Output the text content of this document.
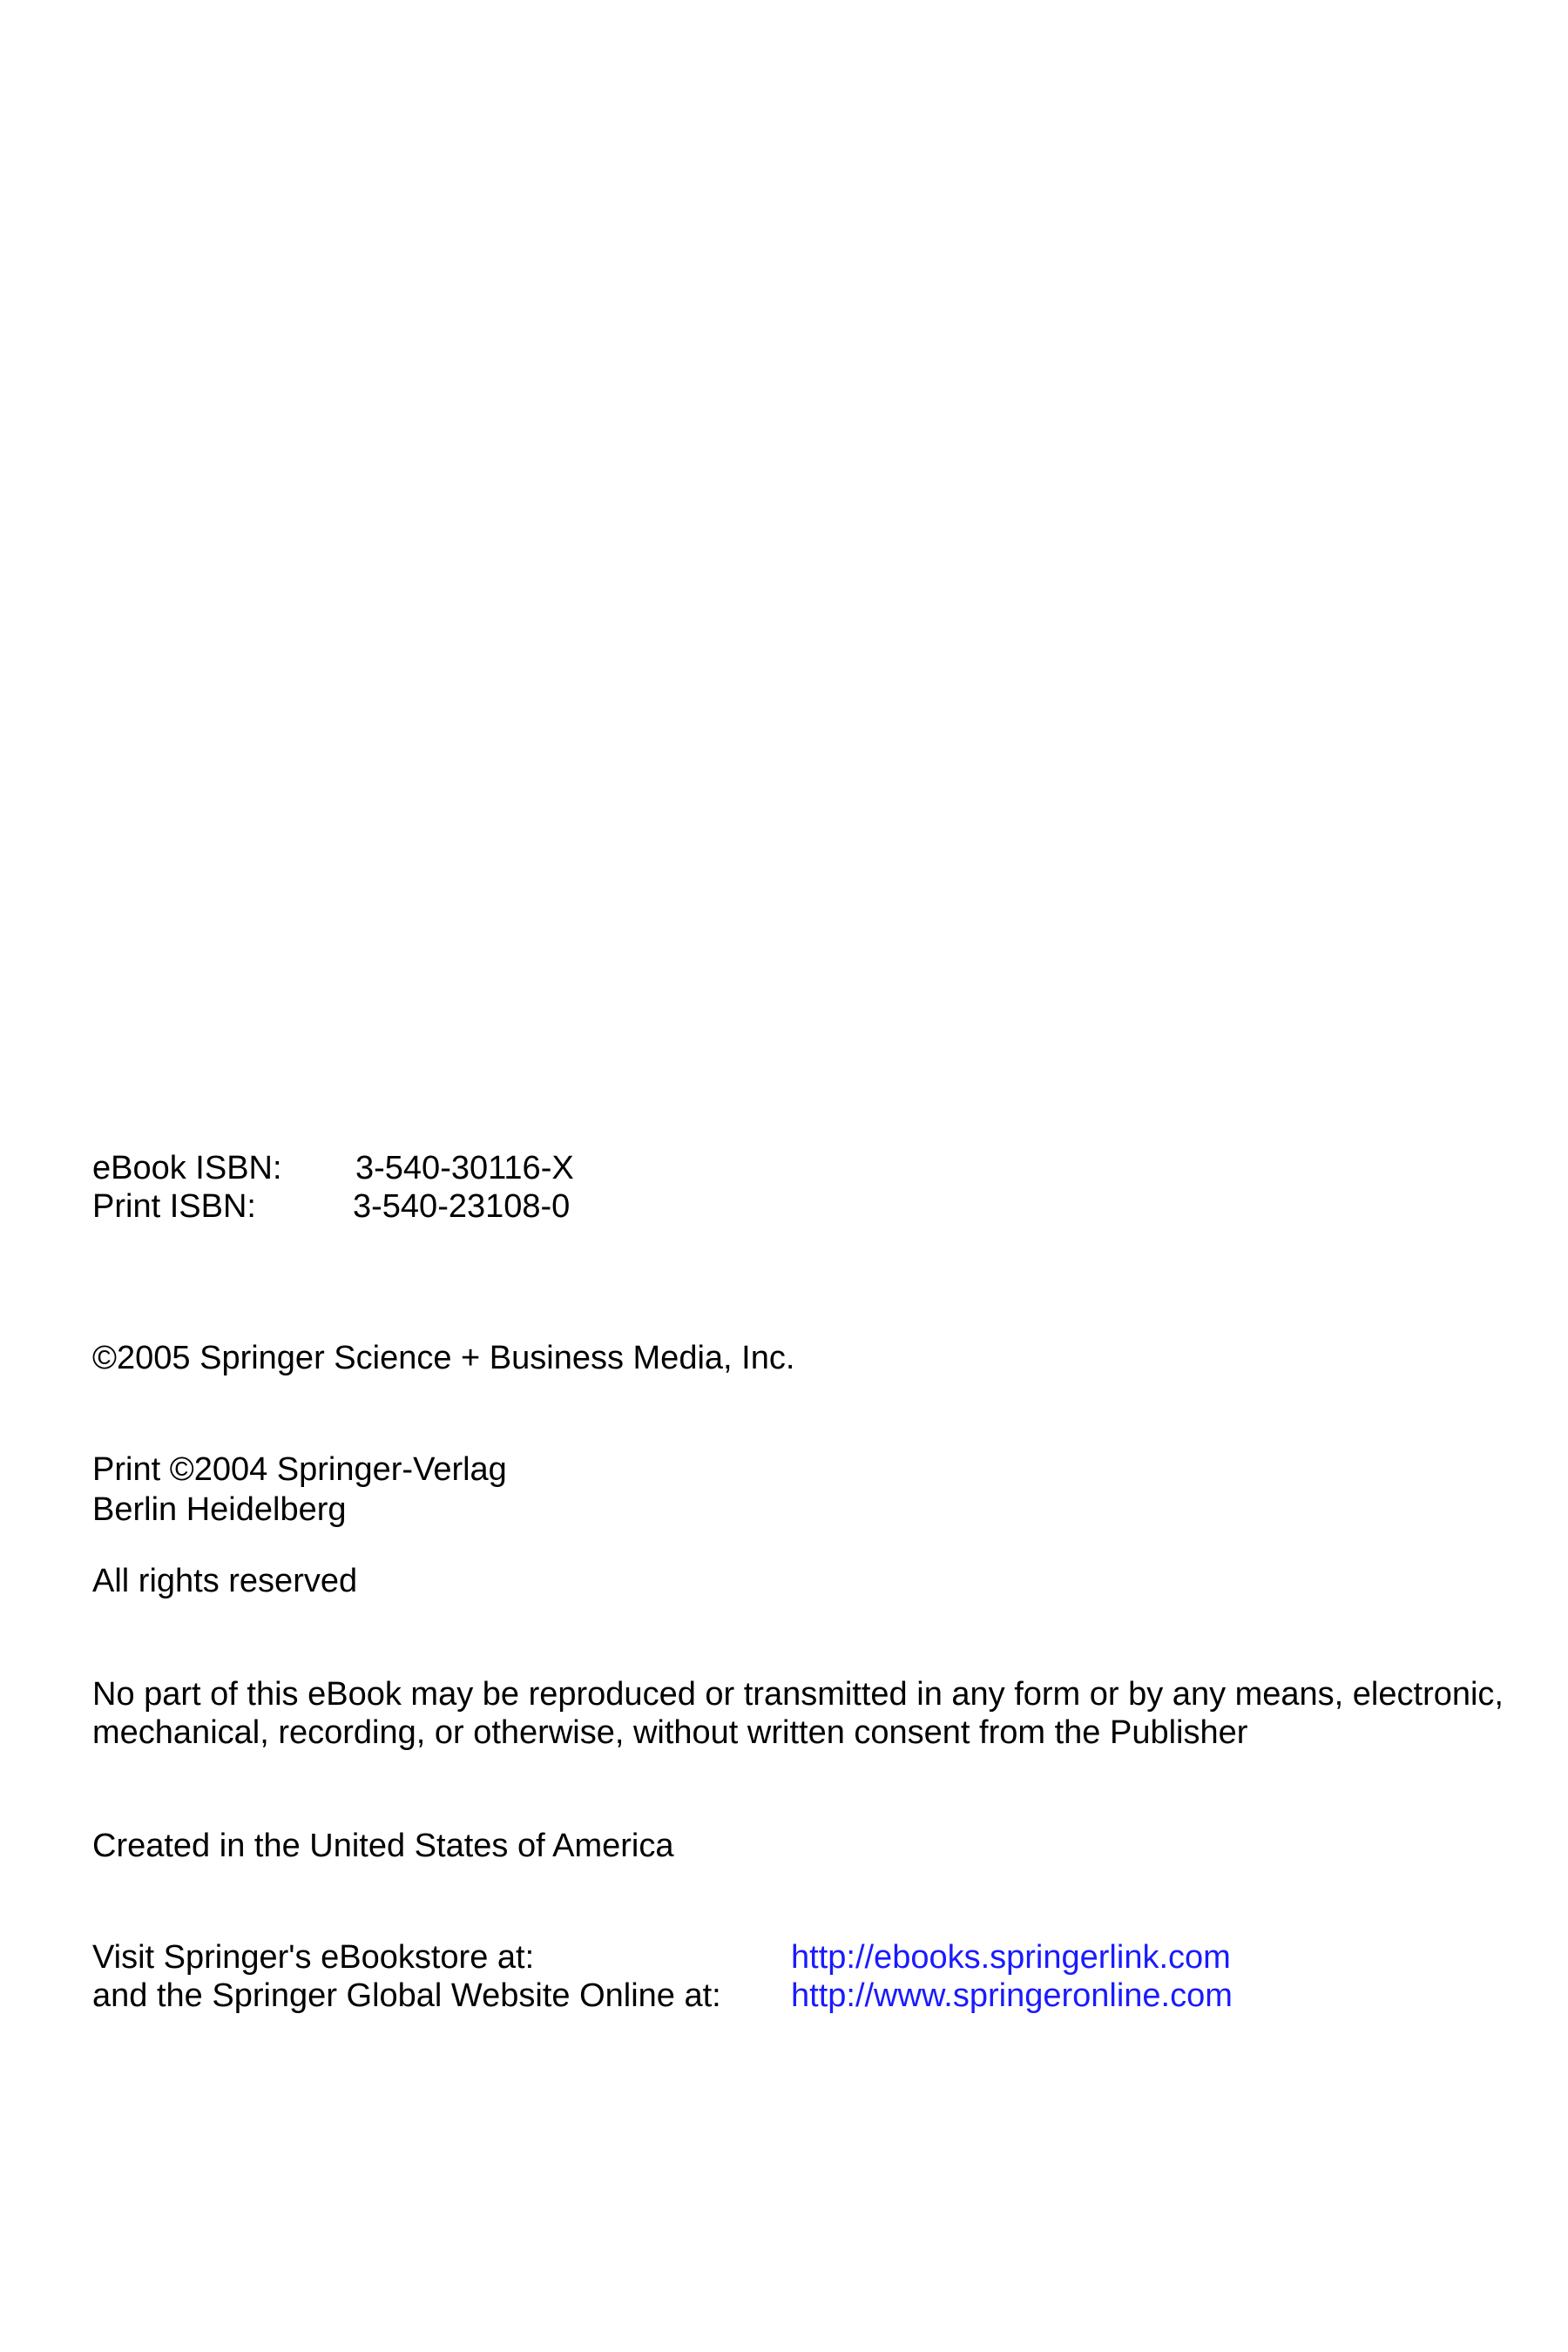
eBook ISBN: 3-540-30116-X
Print ISBN:	3-540-23108-0
©2005 Springer Science + Business Media, Inc.
Print ©2004 Springer-Verlag
Berlin Heidelberg
All rights reserved
No part of this eBook may be reproduced or transmitted in any form or by any means, electronic,
mechanical, recording, or otherwise, without written consent from the Publisher
Created in the United States of America
Visit Springer's eBookstore at:	http://ebooks.springerlink.com
and the Springer Global Website Online at: http://www.springeronline.com
